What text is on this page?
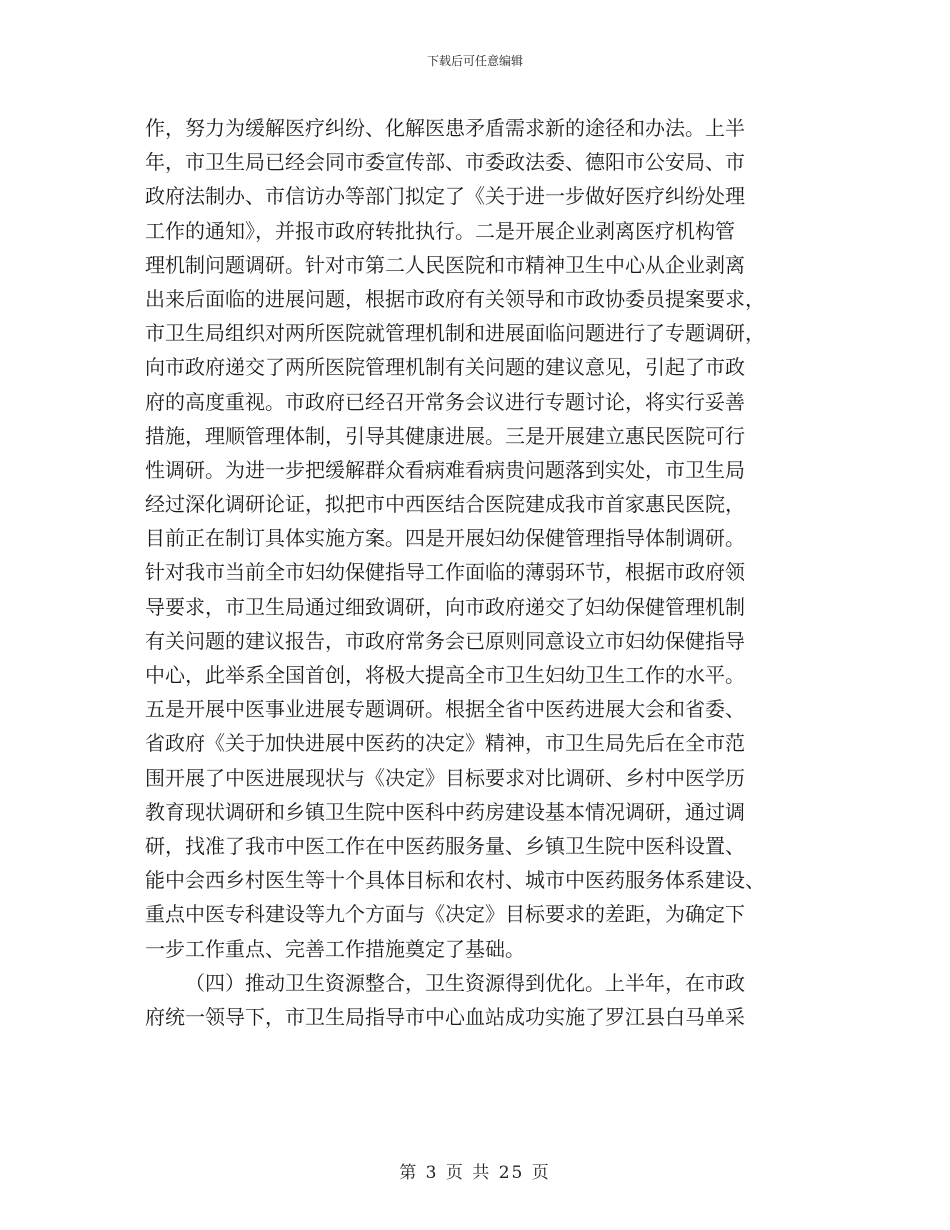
下载后可任意编辑
作，努力为缓解医疗纠纷、化解医患矛盾需求新的途径和办法。上半
年，市卫生局已经会同市委宣传部、市委政法委、德阳市公安局、市
政府法制办、市信访办等部门拟定了《关于进一步做好医疗纠纷处理
工作的通知》，并报市政府转批执行。二是开展企业剥离医疗机构管
理机制问题调研。针对市第二人民医院和市精神卫生中心从企业剥离
出来后面临的进展问题，根据市政府有关领导和市政协委员提案要求，
市卫生局组织对两所医院就管理机制和进展面临问题进行了专题调研，
向市政府递交了两所医院管理机制有关问题的建议意见，引起了市政
府的高度重视。市政府已经召开常务会议进行专题讨论，将实行妥善
措施，理顺管理体制，引导其健康进展。三是开展建立惠民医院可行
性调研。为进一步把缓解群众看病难看病贵问题落到实处，市卫生局
经过深化调研论证，拟把市中西医结合医院建成我市首家惠民医院，
目前正在制订具体实施方案。四是开展妇幼保健管理指导体制调研。
针对我市当前全市妇幼保健指导工作面临的薄弱环节，根据市政府领
导要求，市卫生局通过细致调研，向市政府递交了妇幼保健管理机制
有关问题的建议报告，市政府常务会已原则同意设立市妇幼保健指导
中心，此举系全国首创，将极大提高全市卫生妇幼卫生工作的水平。
五是开展中医事业进展专题调研。根据全省中医药进展大会和省委、
省政府《关于加快进展中医药的决定》精神，市卫生局先后在全市范
围开展了中医进展现状与《决定》目标要求对比调研、乡村中医学历
教育现状调研和乡镇卫生院中医科中药房建设基本情况调研，通过调
研，找准了我市中医工作在中医药服务量、乡镇卫生院中医科设置、
能中会西乡村医生等十个具体目标和农村、城市中医药服务体系建设、
重点中医专科建设等九个方面与《决定》目标要求的差距，为确定下
一步工作重点、完善工作措施奠定了基础。
（四）推动卫生资源整合，卫生资源得到优化。上半年，在市政
府统一领导下，市卫生局指导市中心血站成功实施了罗江县白马单采
第 3 页 共 25 页
